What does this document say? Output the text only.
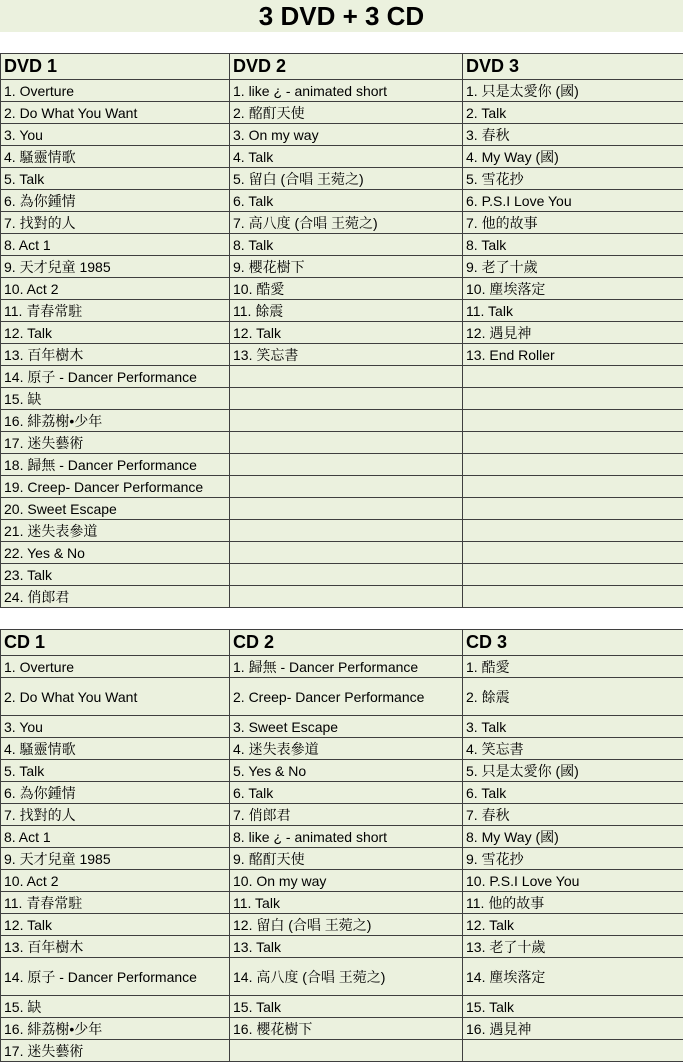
3 DVD + 3 CD
DVD 1	DVD 2	DVD 3
1. Overture	1. like ¿ - animated short	1. 只是太愛你 (國)
2. Do What You Want	2. 酩酊天使	2. Talk
3. You	3. On my way	3. 春秋
4. 騷靈情歌	4. Talk	4. My Way (國)
5. Talk	5. 留白 (合唱 王菀之)	5. 雪花抄
6. 為你鍾情	6. Talk	6. P.S.I Love You
7. 找對的人	7. 高八度 (合唱 王菀之)	7. 他的故事
8. Act 1	8. Talk	8. Talk
9. 天才兒童 1985	9. 櫻花樹下	9. 老了十歲
10. Act 2	10. 酷愛	10. 塵埃落定
11. 青春常駐	11. 餘震	11. Talk
12. Talk	12. Talk	12. 遇見神
13. 百年樹木	13. 笑忘書	13. End Roller
14. 原子 - Dancer Performance		
15. 缺		
16. 緋荔榭•少年		
17. 迷失藝術		
18. 歸無 - Dancer Performance		
19. Creep- Dancer Performance		
20. Sweet Escape		
21. 迷失表參道		
22. Yes & No		
23. Talk		
24. 俏郎君		
CD 1	CD 2	CD 3
1. Overture	1. 歸無 - Dancer Performance	1. 酷愛
2. Do What You Want	2. Creep- Dancer Performance	2. 餘震
3. You	3. Sweet Escape	3. Talk
4. 騷靈情歌	4. 迷失表參道	4. 笑忘書
5. Talk	5. Yes & No	5. 只是太愛你 (國)
6. 為你鍾情	6. Talk	6. Talk
7. 找對的人	7. 俏郎君	7. 春秋
8. Act 1	8. like ¿ - animated short	8. My Way (國)
9. 天才兒童 1985	9. 酩酊天使	9. 雪花抄
10. Act 2	10. On my way	10. P.S.I Love You
11. 青春常駐	11. Talk	11. 他的故事
12. Talk	12. 留白 (合唱 王菀之)	12. Talk
13. 百年樹木	13. Talk	13. 老了十歲
14. 原子 - Dancer Performance	14. 高八度 (合唱 王菀之)	14. 塵埃落定
15. 缺	15. Talk	15. Talk
16. 緋荔榭•少年	16. 櫻花樹下	16. 遇見神
17. 迷失藝術		
